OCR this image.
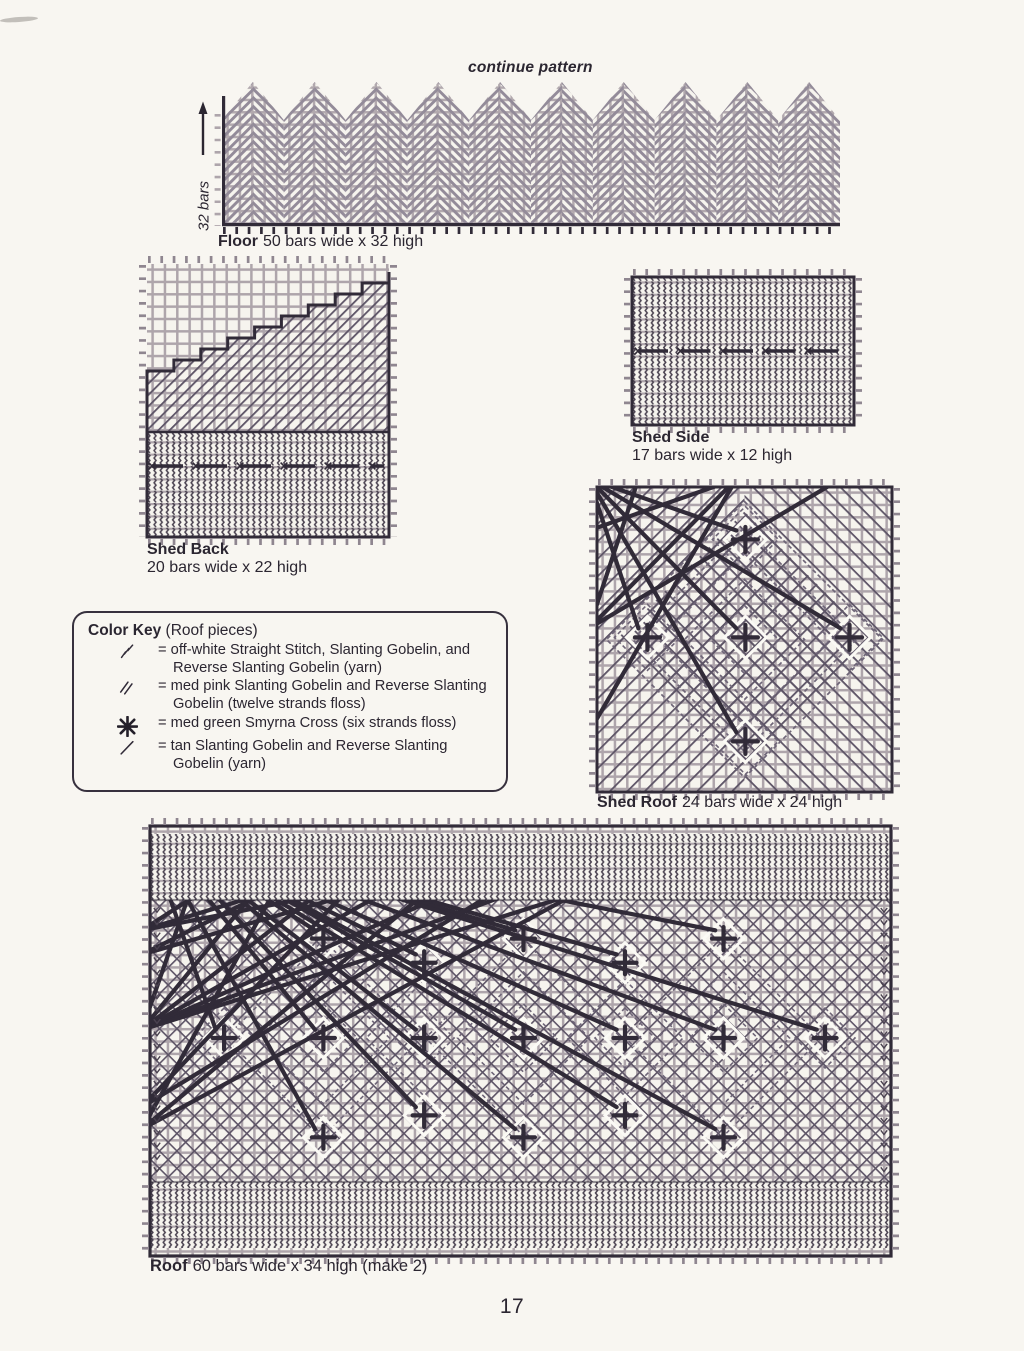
continue pattern
32 bars
Floor 50 bars wide x 32 high
Shed Back
20 bars wide x 22 high
Shed Side
17 bars wide x 12 high
Shed Roof 24 bars wide x 24 high
Color Key (Roof pieces)
= off-white Straight Stitch, Slanting Gobelin, and Reverse Slanting Gobelin (yarn)
= med pink Slanting Gobelin and Reverse Slanting Gobelin (twelve strands floss)
= med green Smyrna Cross (six strands floss)
= tan Slanting Gobelin and Reverse Slanting Gobelin (yarn)
Roof 60 bars wide x 34 high (make 2)
17
